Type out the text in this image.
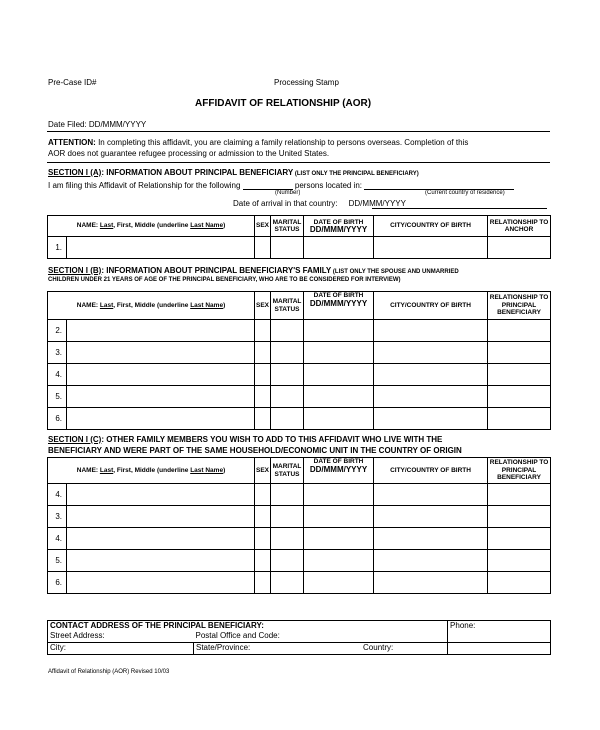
Pre-Case ID#	Processing Stamp
AFFIDAVIT OF RELATIONSHIP (AOR)
Date Filed: DD/MMM/YYYY
ATTENTION: In completing this affidavit, you are claiming a family relationship to persons overseas. Completion of this
AOR does not guarantee refugee processing or admission to the United States.
SECTION I (A): INFORMATION ABOUT PRINCIPAL BENEFICIARY (LIST ONLY THE PRINCIPAL BENEFICIARY)
I am filing this Affidavit of Relationship for the following	persons located in:
(Number)	(Current country of residence)
Date of arrival in that country: DD/MMM/YYYY
NAME: Last, First, Middle (underline Last Name)		SEX	MARITAL STATUS	DATE OF BIRTH
DD/MMM/YYYY	CITY/COUNTRY OF BIRTH	RELATIONSHIP TO ANCHOR
1.						
SECTION I (B): INFORMATION ABOUT PRINCIPAL BENEFICIARY'S FAMILY (LIST ONLY THE SPOUSE AND UNMARRIED
CHILDREN UNDER 21 YEARS OF AGE OF THE PRINCIPAL BENEFICIARY, WHO ARE TO BE CONSIDERED FOR INTERVIEW)
NAME: Last, First, Middle (underline Last Name)		SEX	MARITAL STATUS	DATE OF BIRTH
DD/MMM/YYYY	CITY/COUNTRY OF BIRTH	RELATIONSHIP TO PRINCIPAL BENEFICIARY
2.						
3.						
4.						
5.						
6.						
SECTION I (C): OTHER FAMILY MEMBERS YOU WISH TO ADD TO THIS AFFIDAVIT WHO LIVE WITH THE
BENEFICIARY AND WERE PART OF THE SAME HOUSEHOLD/ECONOMIC UNIT IN THE COUNTRY OF ORIGIN
NAME: Last, First, Middle (underline Last Name)		SEX	MARITAL STATUS	DATE OF BIRTH
DD/MMM/YYYY	CITY/COUNTRY OF BIRTH	RELATIONSHIP TO PRINCIPAL BENEFICIARY
4.						
3.						
4.						
5.						
6.						
CONTACT ADDRESS OF THE PRINCIPAL BENEFICIARY:			Phone:
Street Address:		Postal Office and Code:	

City:	State/Province:		Country:
Affidavit of Relationship (AOR) Revised 10/03
